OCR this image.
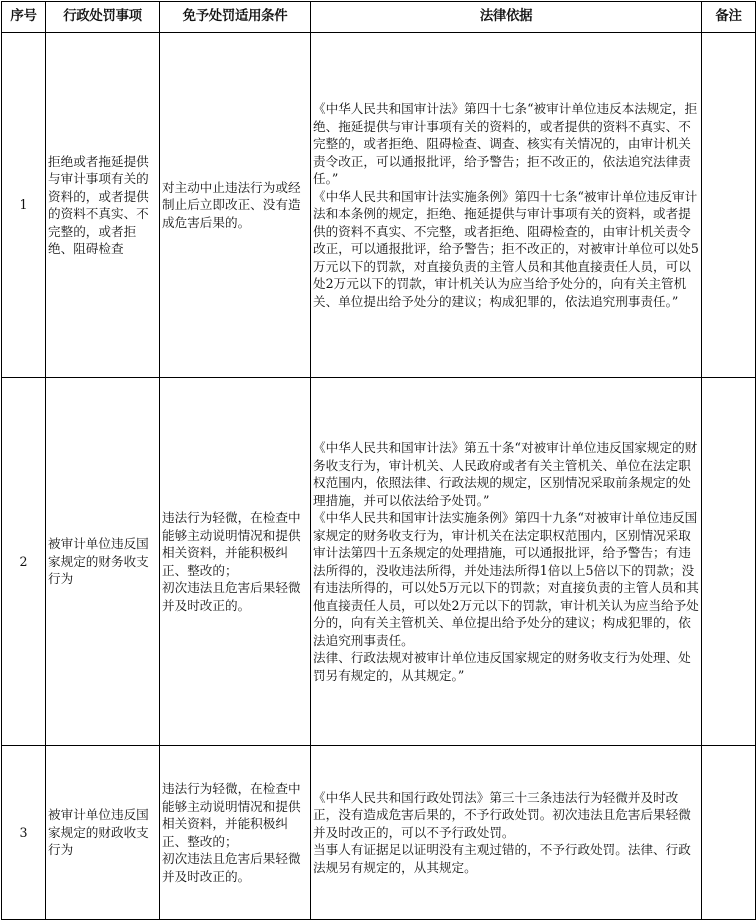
序号	行政处罚事项	免予处罚适用条件	法律依据	备注
1	拒绝或者拖延提供与审计事项有关的资料的，或者提供的资料不真实、不完整的，或者拒绝、阻碍检查	对主动中止违法行为或经制止后立即改正、没有造成危害后果的。	《中华人民共和国审计法》第四十七条“被审计单位违反本法规定，拒绝、拖延提供与审计事项有关的资料的，或者提供的资料不真实、不完整的，或者拒绝、阻碍检查、调查、核实有关情况的，由审计机关责令改正，可以通报批评，给予警告；拒不改正的，依法追究法律责任。”
《中华人民共和国审计法实施条例》第四十七条“被审计单位违反审计法和本条例的规定，拒绝、拖延提供与审计事项有关的资料，或者提供的资料不真实、不完整，或者拒绝、阻碍检查的，由审计机关责令改正，可以通报批评，给予警告；拒不改正的，对被审计单位可以处5万元以下的罚款，对直接负责的主管人员和其他直接责任人员，可以处2万元以下的罚款，审计机关认为应当给予处分的，向有关主管机关、单位提出给予处分的建议；构成犯罪的，依法追究刑事责任。”	

2	被审计单位违反国家规定的财务收支行为	违法行为轻微，在检查中能够主动说明情况和提供相关资料，并能积极纠正、整改的；
初次违法且危害后果轻微并及时改正的。	《中华人民共和国审计法》第五十条“对被审计单位违反国家规定的财务收支行为，审计机关、人民政府或者有关主管机关、单位在法定职权范围内，依照法律、行政法规的规定，区别情况采取前条规定的处理措施，并可以依法给予处罚。”
《中华人民共和国审计法实施条例》第四十九条“对被审计单位违反国家规定的财务收支行为，审计机关在法定职权范围内，区别情况采取审计法第四十五条规定的处理措施，可以通报批评，给予警告；有违法所得的，没收违法所得，并处违法所得1倍以上5倍以下的罚款；没有违法所得的，可以处5万元以下的罚款；对直接负责的主管人员和其他直接责任人员，可以处2万元以下的罚款，审计机关认为应当给予处分的，向有关主管机关、单位提出给予处分的建议；构成犯罪的，依法追究刑事责任。
法律、行政法规对被审计单位违反国家规定的财务收支行为处理、处罚另有规定的，从其规定。”	

3	被审计单位违反国家规定的财政收支行为	违法行为轻微，在检查中能够主动说明情况和提供相关资料，并能积极纠正、整改的；
初次违法且危害后果轻微并及时改正的。	《中华人民共和国行政处罚法》第三十三条违法行为轻微并及时改正，没有造成危害后果的，不予行政处罚。初次违法且危害后果轻微并及时改正的，可以不予行政处罚。
当事人有证据足以证明没有主观过错的，不予行政处罚。法律、行政法规另有规定的，从其规定。	
